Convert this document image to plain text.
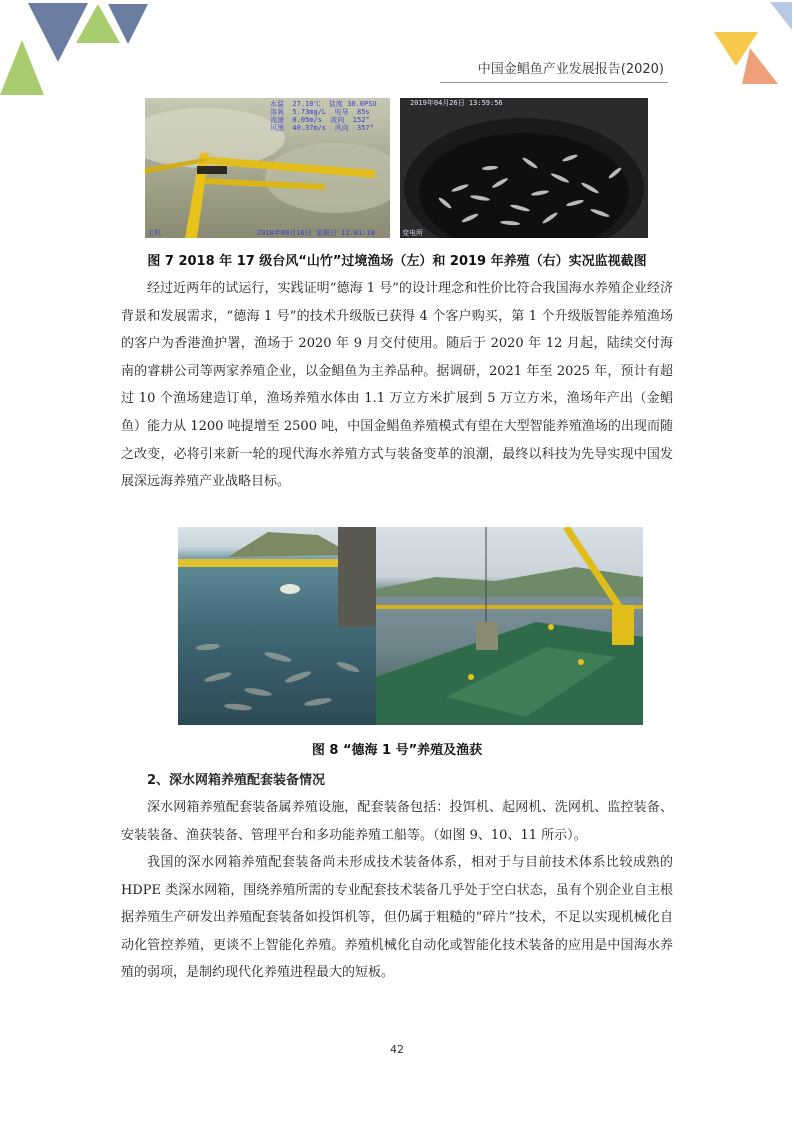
中国金鲳鱼产业发展报告(2020)
水温  27.10℃  盐度 30.0PSU
溶氧  5.73mg/L  电导  85s
流速  0.05m/s  流向  152°
风速  40.37m/s  风向  357°
2018年09月16日 星期日 12:01:10
主机
2019年04月26日 13:59:56
变电所
图 7 2018 年 17 级台风“山竹”过境渔场（左）和 2019 年养殖（右）实况监视截图

经过近两年的试运行，实践证明“德海 1 号”的设计理念和性价比符合我国海水养殖企业经济背景和发展需求，“德海 1 号”的技术升级版已获得 4 个客户购买，第 1 个升级版智能养殖渔场的客户为香港渔护署，渔场于 2020 年 9 月交付使用。随后于 2020 年 12 月起，陆续交付海南的睿耕公司等两家养殖企业，以金鲳鱼为主养品种。据调研，2021 年至 2025 年，预计有超过 10 个渔场建造订单，渔场养殖水体由 1.1 万立方米扩展到 5 万立方米，渔场年产出（金鲳鱼）能力从 1200 吨提增至 2500 吨，中国金鲳鱼养殖模式有望在大型智能养殖渔场的出现而随之改变，必将引来新一轮的现代海水养殖方式与装备变革的浪潮，最终以科技为先导实现中国发展深远海养殖产业战略目标。

图 8 “德海 1 号”养殖及渔获
2、深水网箱养殖配套装备情况

深水网箱养殖配套装备属养殖设施，配套装备包括：投饵机、起网机、洗网机、监控装备、安装装备、渔获装备、管理平台和多功能养殖工船等。（如图 9、10、11 所示）。

我国的深水网箱养殖配套装备尚未形成技术装备体系，相对于与目前技术体系比较成熟的 HDPE 类深水网箱，围绕养殖所需的专业配套技术装备几乎处于空白状态，虽有个别企业自主根据养殖生产研发出养殖配套装备如投饵机等，但仍属于粗糙的“碎片”技术，不足以实现机械化自动化管控养殖，更谈不上智能化养殖。养殖机械化自动化或智能化技术装备的应用是中国海水养殖的弱项，是制约现代化养殖进程最大的短板。

42
